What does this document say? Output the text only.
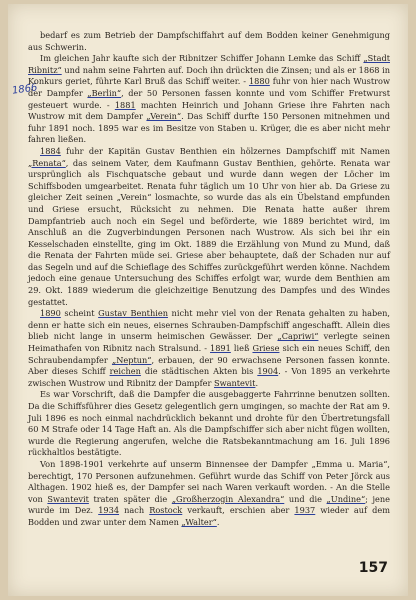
1866

bedarf es zum Betrieb der Dampfschiffahrt auf dem Bodden keiner Genehmigung aus Schwerin.

Im gleichen Jahr kaufte sich der Ribnitzer Schiffer Johann Lemke das Schiff „Stadt Ribnitz“ und nahm seine Fahrten auf. Doch ihn drückten die Zinsen; und als er 1868 in Konkurs geriet, führte Karl Bruß das Schiff weiter. - 1880 fuhr von hier nach Wustrow der Dampfer „Berlin“, der 50 Personen fassen konnte und vom Schiffer Fretwurst gesteuert wurde. - 1881 machten Heinrich und Johann Griese ihre Fahrten nach Wustrow mit dem Dampfer „Verein“. Das Schiff durfte 150 Personen mitnehmen und fuhr 1891 noch. 1895 war es im Besitze von Staben u. Krüger, die es aber nicht mehr fahren ließen.

1884 fuhr der Kapitän Gustav Benthien ein hölzernes Dampfschiff mit Namen „Renata“, das seinem Vater, dem Kaufmann Gustav Benthien, gehörte. Renata war ursprünglich als Fischquatsche gebaut und wurde dann wegen der Löcher im Schiffsboden umgearbeitet. Renata fuhr täglich um 10 Uhr von hier ab. Da Griese zu gleicher Zeit seinen „Verein“ losmachte, so wurde das als ein Übelstand empfunden und Griese ersucht, Rücksicht zu nehmen. Die Renata hatte außer ihrem Dampfantrieb auch noch ein Segel und beförderte, wie 1889 berichtet wird, im Anschluß an die Zugverbindungen Personen nach Wustrow. Als sich bei ihr ein Kesselschaden einstellte, ging im Okt. 1889 die Erzählung von Mund zu Mund, daß die Renata der Fahrten müde sei. Griese aber behauptete, daß der Schaden nur auf das Segeln und auf die Schieflage des Schiffes zurückgeführt werden könne. Nachdem jedoch eine genaue Untersuchung des Schiffes erfolgt war, wurde dem Benthien am 29. Okt. 1889 wiederum die gleichzeitige Benutzung des Dampfes und des Windes gestattet.

1890 scheint Gustav Benthien nicht mehr viel von der Renata gehalten zu haben, denn er hatte sich ein neues, eisernes Schrauben-Dampfschiff angeschafft. Allein dies blieb nicht lange in unserm heimischen Gewässer. Der „Capriwi“ verlegte seinen Heimathafen von Ribnitz nach Stralsund. - 1891 ließ Griese sich ein neues Schiff, den Schraubendampfer „Neptun“, erbauen, der 90 erwachsene Personen fassen konnte. Aber dieses Schiff reichen die städtischen Akten bis 1904. - Von 1895 an verkehrte zwischen Wustrow und Ribnitz der Dampfer Swantevit.

Es war Vorschrift, daß die Dampfer die ausgebaggerte Fahrrinne benutzen sollten. Da die Schiffsführer dies Gesetz gelegentlich gern umgingen, so machte der Rat am 9. Juli 1896 es noch einmal nachdrücklich bekannt und drohte für den Übertretungsfall 60 M Strafe oder 14 Tage Haft an. Als die Dampfschiffer sich aber nicht fügen wollten, wurde die Regierung angerufen, welche die Ratsbekanntmachung am 16. Juli 1896 rückhaltlos bestätigte.

Von 1898-1901 verkehrte auf unserm Binnensee der Dampfer „Emma u. Maria“, berechtigt, 170 Personen aufzunehmen. Geführt wurde das Schiff von Peter Jörck aus Althagen. 1902 hieß es, der Dampfer sei nach Waren verkauft worden. - An die Stelle von Swantevit traten später die „Großherzogin Alexandra“ und die „Undine“; jene wurde im Dez. 1934 nach Rostock verkauft, erschien aber 1937 wieder auf dem Bodden und zwar unter dem Namen „Walter“.

157
